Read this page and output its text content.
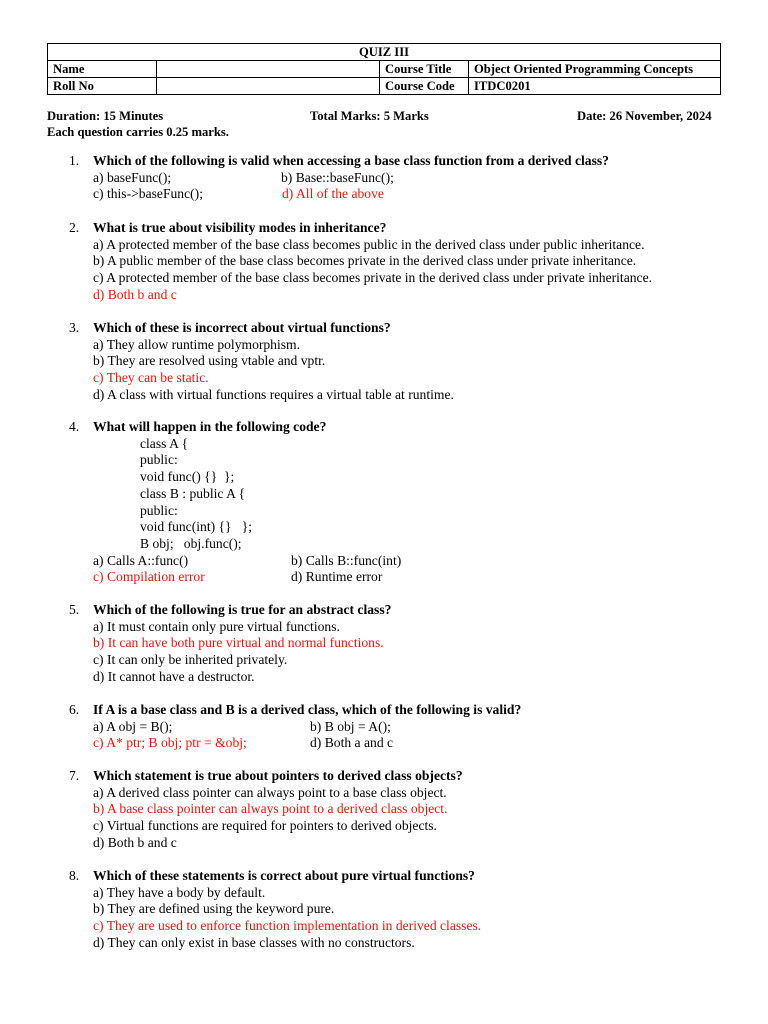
QUIZ III			
Name		Course Title	Object Oriented Programming Concepts
Roll No		Course Code	ITDC0201
Duration: 15 Minutes	Total Marks: 5 Marks	Date: 26 November, 2024
Each question carries 0.25 marks.
1. Which of the following is valid when accessing a base class function from a derived class?
a) baseFunc();	b) Base::baseFunc();
c) this->baseFunc();	d) All of the above
2. What is true about visibility modes in inheritance?
a) A protected member of the base class becomes public in the derived class under public inheritance.
b) A public member of the base class becomes private in the derived class under private inheritance.
c) A protected member of the base class becomes private in the derived class under private inheritance.
d) Both b and c
3. Which of these is incorrect about virtual functions?
a) They allow runtime polymorphism.
b) They are resolved using vtable and vptr.
c) They can be static.
d) A class with virtual functions requires a virtual table at runtime.
4. What will happen in the following code?
class A {
public:
void func() {}  };
class B : public A {
public:
void func(int) {}   };
B obj;   obj.func();
a) Calls A::func()	b) Calls B::func(int)
c) Compilation error	d) Runtime error
5. Which of the following is true for an abstract class?
a) It must contain only pure virtual functions.
b) It can have both pure virtual and normal functions.
c) It can only be inherited privately.
d) It cannot have a destructor.
6. If A is a base class and B is a derived class, which of the following is valid?
a) A obj = B();	b) B obj = A();
c) A* ptr; B obj; ptr = &obj;	d) Both a and c
7. Which statement is true about pointers to derived class objects?
a) A derived class pointer can always point to a base class object.
b) A base class pointer can always point to a derived class object.
c) Virtual functions are required for pointers to derived objects.
d) Both b and c
8. Which of these statements is correct about pure virtual functions?
a) They have a body by default.
b) They are defined using the keyword pure.
c) They are used to enforce function implementation in derived classes.
d) They can only exist in base classes with no constructors.
